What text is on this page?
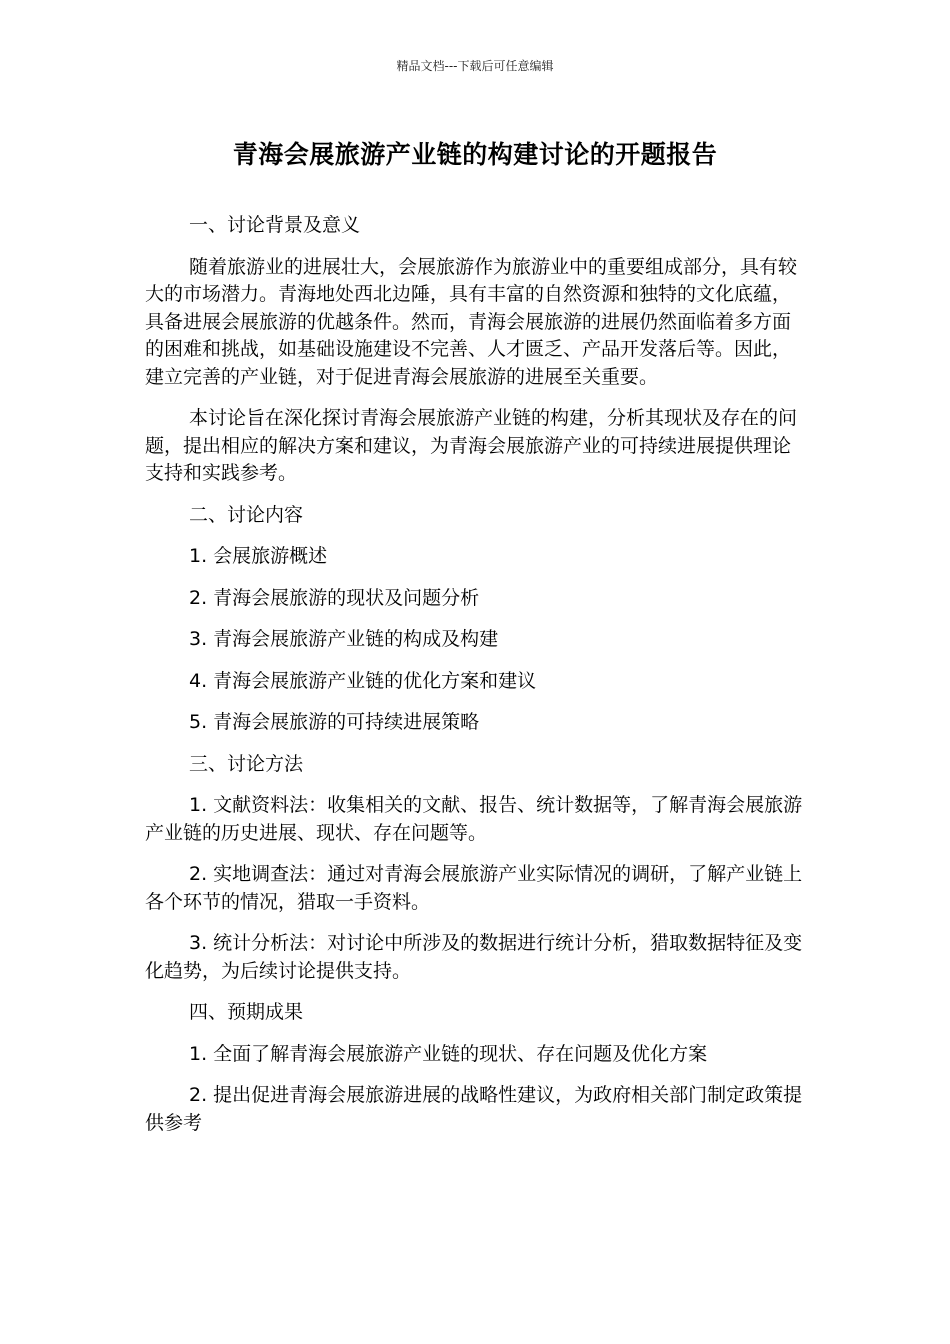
精品文档---下载后可任意编辑
青海会展旅游产业链的构建讨论的开题报告

一、讨论背景及意义

随着旅游业的进展壮大，会展旅游作为旅游业中的重要组成部分，具有较大的市场潜力。青海地处西北边陲，具有丰富的自然资源和独特的文化底蕴，具备进展会展旅游的优越条件。然而，青海会展旅游的进展仍然面临着多方面的困难和挑战，如基础设施建设不完善、人才匮乏、产品开发落后等。因此，建立完善的产业链，对于促进青海会展旅游的进展至关重要。

本讨论旨在深化探讨青海会展旅游产业链的构建，分析其现状及存在的问题，提出相应的解决方案和建议，为青海会展旅游产业的可持续进展提供理论支持和实践参考。

二、讨论内容

1. 会展旅游概述

2. 青海会展旅游的现状及问题分析

3. 青海会展旅游产业链的构成及构建

4. 青海会展旅游产业链的优化方案和建议

5. 青海会展旅游的可持续进展策略

三、讨论方法

1. 文献资料法：收集相关的文献、报告、统计数据等，了解青海会展旅游产业链的历史进展、现状、存在问题等。

2. 实地调查法：通过对青海会展旅游产业实际情况的调研，了解产业链上各个环节的情况，猎取一手资料。

3. 统计分析法：对讨论中所涉及的数据进行统计分析，猎取数据特征及变化趋势，为后续讨论提供支持。

四、预期成果

1. 全面了解青海会展旅游产业链的现状、存在问题及优化方案

2. 提出促进青海会展旅游进展的战略性建议，为政府相关部门制定政策提供参考
